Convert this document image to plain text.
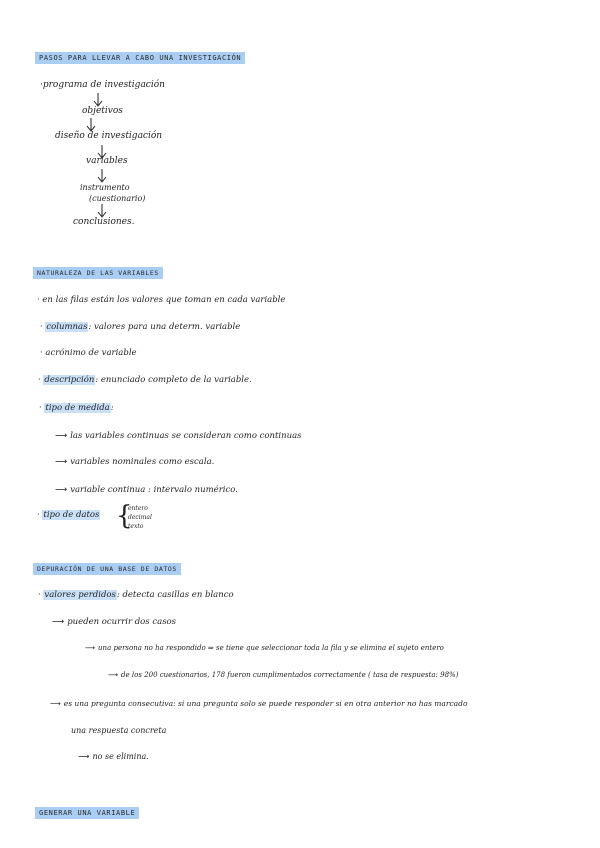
PASOS PARA LLEVAR A CABO UNA INVESTIGACIÓN
·programa de investigación
objetivos
diseño de investigación
variables
instrumento
(cuestionario)
conclusiones.
NATURALEZA DE LAS VARIABLES
· en las filas están los valores que toman en cada variable
· columnas: valores para una determ. variable
· acrónimo de variable
· descripción: enunciado completo de la variable.
· tipo de medida:
⟶ las variables continuas se consideran como continuas
⟶ variables nominales como escala.
⟶ variable continua : intervalo numérico.
· tipo de datos {
entero
decimal
texto
DEPURACIÓN DE UNA BASE DE DATOS
· valores perdidos: detecta casillas en blanco
⟶ pueden ocurrir dos casos
⟶ una persona no ha respondido ⇒ se tiene que seleccionar toda la fila y se elimina el sujeto entero
⟶ de los 200 cuestionarios, 178 fueron cumplimentados correctamente ( tasa de respuesta: 98%)
⟶ es una pregunta consecutiva: si una pregunta solo se puede responder si en otra anterior no has marcado
una respuesta concreta
⟶ no se elimina.
GENERAR UNA VARIABLE
